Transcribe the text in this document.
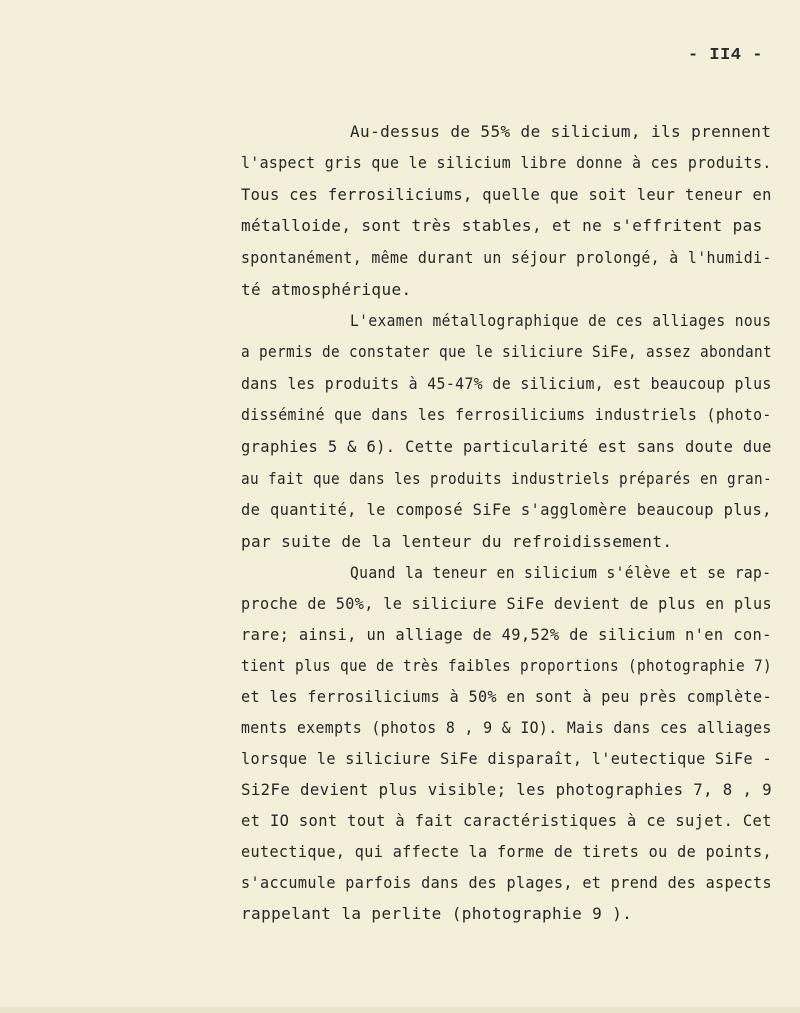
- II4 -
Au-dessus de 55% de silicium, ils prennent
l'aspect gris que le silicium libre donne à ces produits.
Tous ces ferrosiliciums, quelle que soit leur teneur en
métalloide, sont très stables, et ne s'effritent pas
spontanément, même durant un séjour prolongé, à l'humidi-
té atmosphérique.
L'examen métallographique de ces alliages nous
a permis de constater que le siliciure SiFe, assez abondant
dans les produits à 45-47% de silicium, est beaucoup plus
disséminé que dans les ferrosiliciums industriels (photo-
graphies 5 & 6). Cette particularité est sans doute due
au fait que dans les produits industriels préparés en gran-
de quantité, le composé SiFe s'agglomère beaucoup plus,
par suite de la lenteur du refroidissement.
Quand la teneur en silicium s'élève et se rap-
proche de 50%, le siliciure SiFe devient de plus en plus
rare; ainsi, un alliage de 49,52% de silicium n'en con-
tient plus que de très faibles proportions (photographie 7)
et les ferrosiliciums à 50% en sont à peu près complète-
ments exempts (photos 8 , 9 & IO). Mais dans ces alliages
lorsque le siliciure SiFe disparaît, l'eutectique SiFe -
Si2Fe devient plus visible; les photographies 7, 8 , 9
et IO sont tout à fait caractéristiques à ce sujet. Cet
eutectique, qui affecte la forme de tirets ou de points,
s'accumule parfois dans des plages, et prend des aspects
rappelant la perlite (photographie 9 ).
